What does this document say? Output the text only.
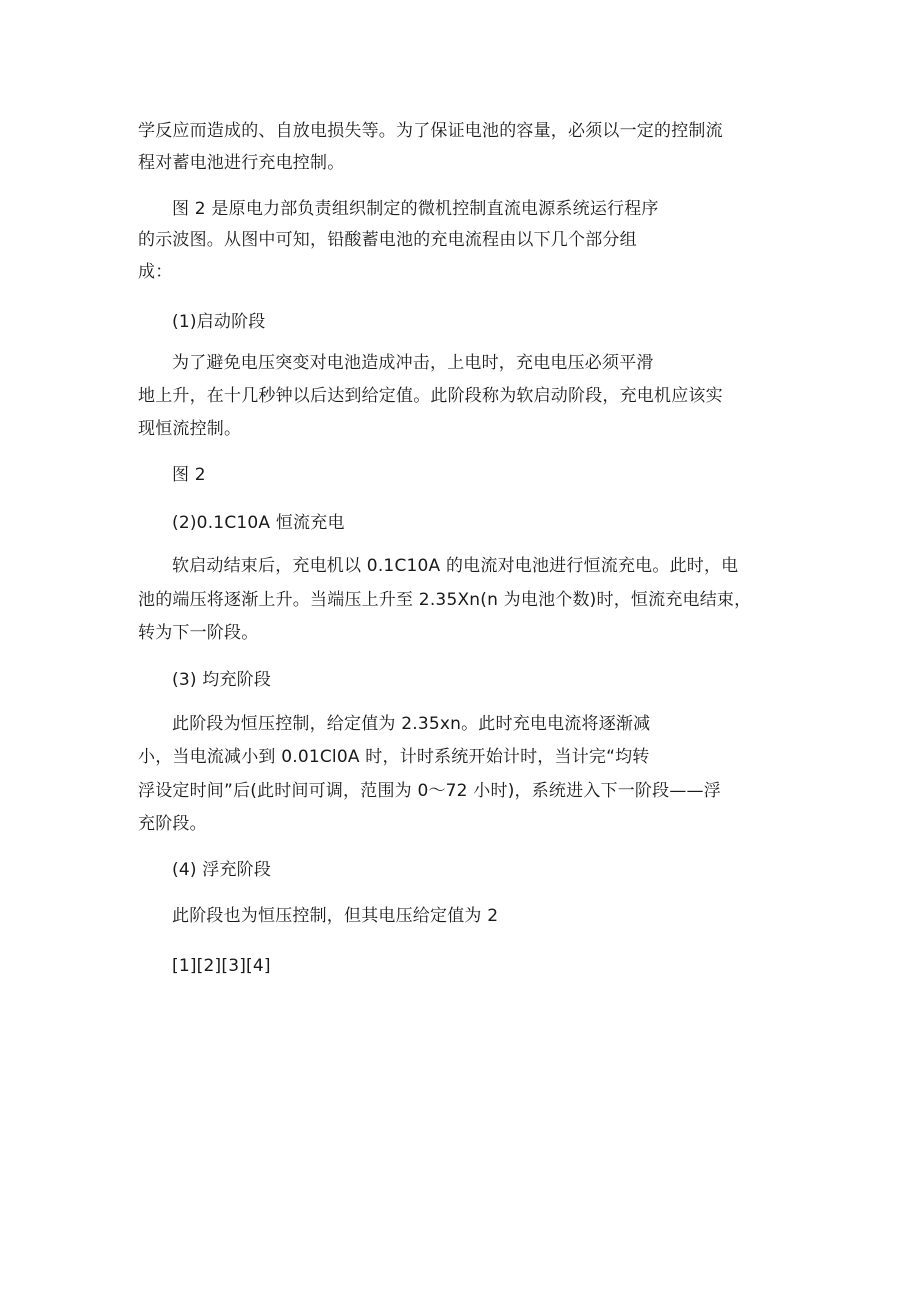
学反应而造成的、自放电损失等。为了保证电池的容量，必须以一定的控制流
程对蓄电池进行充电控制。
图 2 是原电力部负责组织制定的微机控制直流电源系统运行程序
的示波图。从图中可知，铅酸蓄电池的充电流程由以下几个部分组
成：
(1)启动阶段
为了避免电压突变对电池造成冲击，上电时，充电电压必须平滑
地上升，在十几秒钟以后达到给定值。此阶段称为软启动阶段，充电机应该实
现恒流控制。
图 2
(2)0.1C10A 恒流充电
软启动结束后，充电机以 0.1C10A 的电流对电池进行恒流充电。此时，电
池的端压将逐渐上升。当端压上升至 2.35Xn(n 为电池个数)时，恒流充电结束，
转为下一阶段。
(3) 均充阶段
此阶段为恒压控制，给定值为 2.35xn。此时充电电流将逐渐减
小，当电流减小到 0.01Cl0A 时，计时系统开始计时，当计完“均转
浮设定时间”后(此时间可调，范围为 0～72 小时)，系统进入下一阶段——浮
充阶段。
(4) 浮充阶段
此阶段也为恒压控制，但其电压给定值为 2
[1][2][3][4]
